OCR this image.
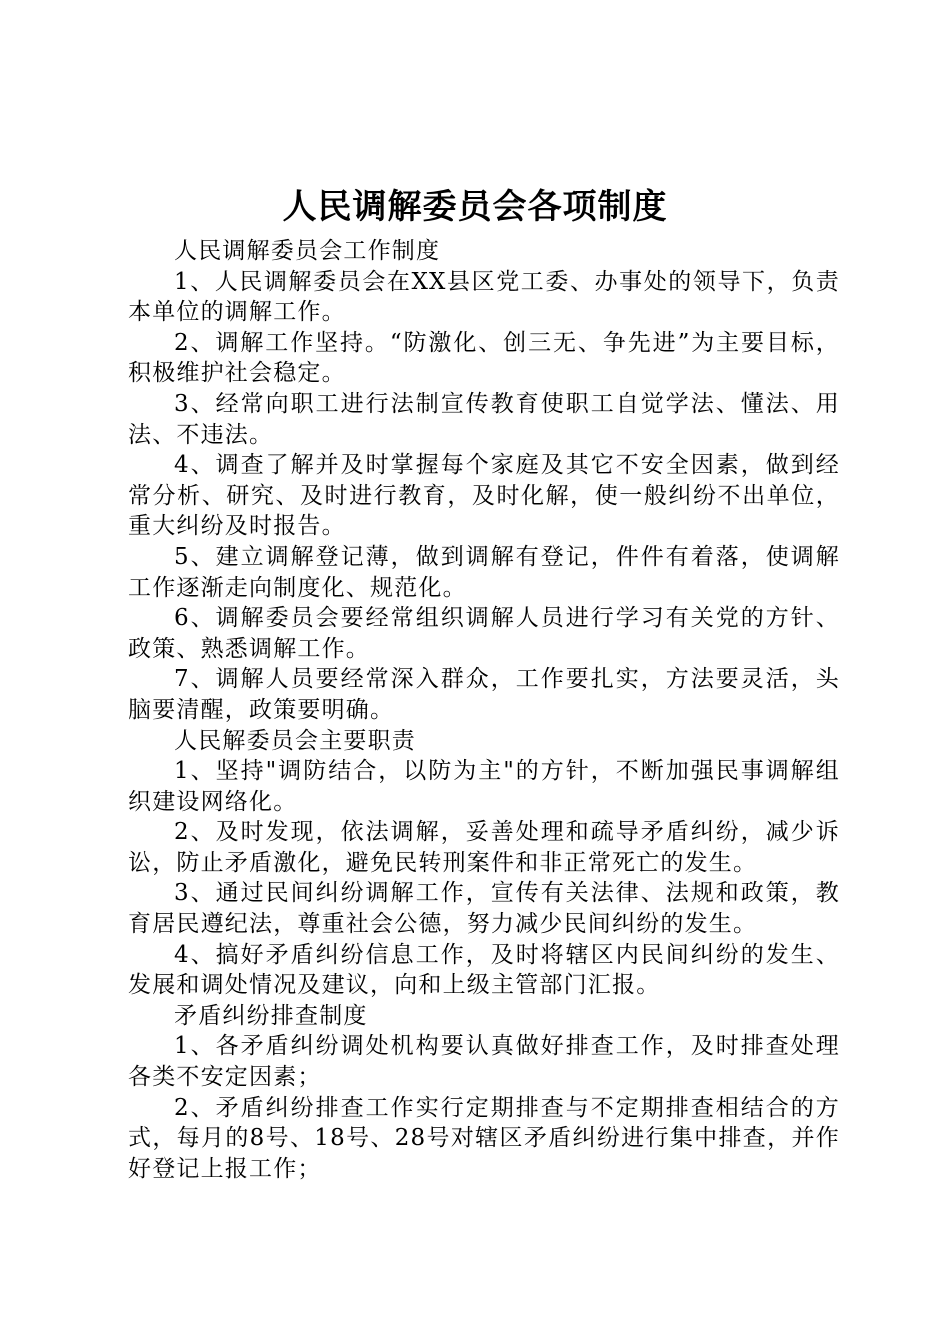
人民调解委员会各项制度

人民调解委员会工作制度

1、人民调解委员会在XX县区党工委、办事处的领导下，负责本单位的调解工作。

2、调解工作坚持。“防激化、创三无、争先进”为主要目标，积极维护社会稳定。

3、经常向职工进行法制宣传教育使职工自觉学法、懂法、用法、不违法。

4、调查了解并及时掌握每个家庭及其它不安全因素，做到经常分析、研究、及时进行教育，及时化解，使一般纠纷不出单位，重大纠纷及时报告。

5、建立调解登记薄，做到调解有登记，件件有着落，使调解工作逐渐走向制度化、规范化。

6、调解委员会要经常组织调解人员进行学习有关党的方针、政策、熟悉调解工作。

7、调解人员要经常深入群众，工作要扎实，方法要灵活，头脑要清醒，政策要明确。

人民解委员会主要职责

1、坚持"调防结合，以防为主"的方针，不断加强民事调解组织建设网络化。

2、及时发现，依法调解，妥善处理和疏导矛盾纠纷，减少诉讼，防止矛盾激化，避免民转刑案件和非正常死亡的发生。

3、通过民间纠纷调解工作，宣传有关法律、法规和政策，教育居民遵纪法，尊重社会公德，努力减少民间纠纷的发生。

4、搞好矛盾纠纷信息工作，及时将辖区内民间纠纷的发生、发展和调处情况及建议，向和上级主管部门汇报。

矛盾纠纷排查制度

1、各矛盾纠纷调处机构要认真做好排查工作，及时排查处理各类不安定因素；

2、矛盾纠纷排查工作实行定期排查与不定期排查相结合的方式，每月的8号、18号、28号对辖区矛盾纠纷进行集中排查，并作好登记上报工作；
